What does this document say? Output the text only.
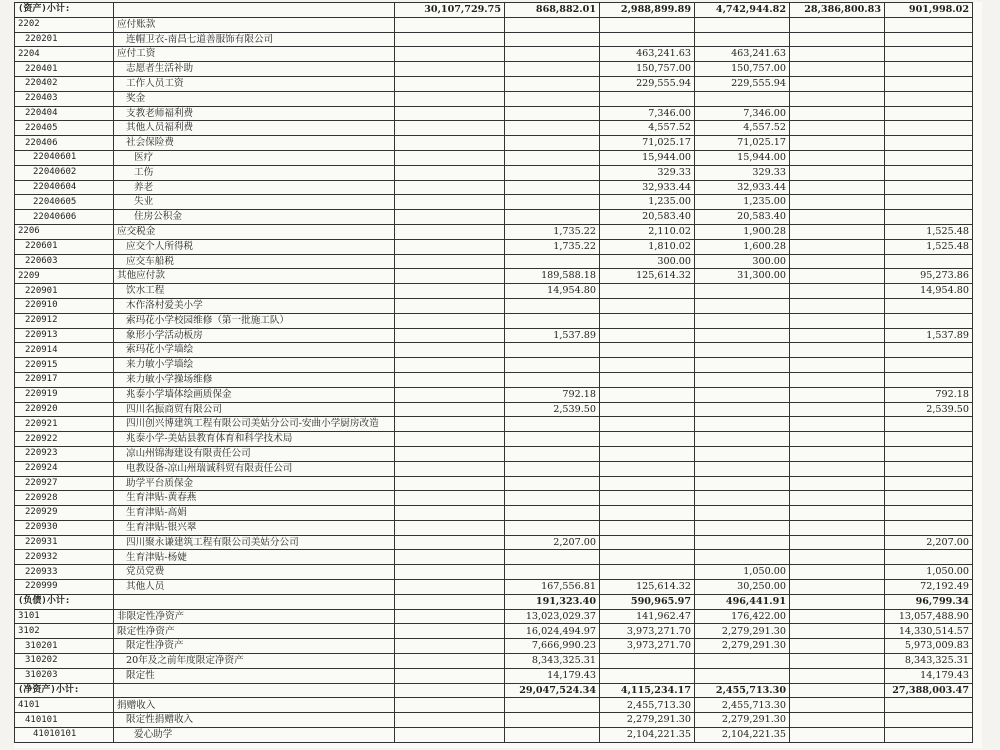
(资产)小计:		30,107,729.75	868,882.01	2,988,899.89	4,742,944.82	28,386,800.83	901,998.02
2202	应付账款						
220201	连帽卫衣-南昌七道善服饰有限公司						
2204	应付工资			463,241.63	463,241.63		
220401	志愿者生活补助			150,757.00	150,757.00		
220402	工作人员工资			229,555.94	229,555.94		
220403	奖金						
220404	支教老师福利费			7,346.00	7,346.00		
220405	其他人员福利费			4,557.52	4,557.52		
220406	社会保险费			71,025.17	71,025.17		
22040601	医疗			15,944.00	15,944.00		
22040602	工伤			329.33	329.33		
22040604	养老			32,933.44	32,933.44		
22040605	失业			1,235.00	1,235.00		
22040606	住房公积金			20,583.40	20,583.40		
2206	应交税金		1,735.22	2,110.02	1,900.28		1,525.48
220601	应交个人所得税		1,735.22	1,810.02	1,600.28		1,525.48
220603	应交车船税			300.00	300.00		
2209	其他应付款		189,588.18	125,614.32	31,300.00		95,273.86
220901	饮水工程		14,954.80				14,954.80
220910	木作洛村爱美小学						
220912	索玛花小学校园维修（第一批施工队）						
220913	象形小学活动板房		1,537.89				1,537.89
220914	索玛花小学墙绘						
220915	来力敏小学墙绘						
220917	来力敏小学操场维修						
220919	兆泰小学墙体绘画质保金		792.18				792.18
220920	四川名振商贸有限公司		2,539.50				2,539.50
220921	四川创兴博建筑工程有限公司美姑分公司-安曲小学厨房改造						
220922	兆泰小学-美姑县教育体育和科学技术局						
220923	凉山州锦海建设有限责任公司						
220924	电教设备-凉山州瑞诚科贸有限责任公司						
220927	助学平台质保金						
220928	生育津贴-黄春燕						
220929	生育津贴-高娟						
220930	生育津贴-银兴翠						
220931	四川聚永谦建筑工程有限公司美姑分公司		2,207.00				2,207.00
220932	生育津贴-杨婕						
220933	党员党费				1,050.00		1,050.00
220999	其他人员		167,556.81	125,614.32	30,250.00		72,192.49
(负债)小计:			191,323.40	590,965.97	496,441.91		96,799.34
3101	非限定性净资产		13,023,029.37	141,962.47	176,422.00		13,057,488.90
3102	限定性净资产		16,024,494.97	3,973,271.70	2,279,291.30		14,330,514.57
310201	限定性净资产		7,666,990.23	3,973,271.70	2,279,291.30		5,973,009.83
310202	20年及之前年度限定净资产		8,343,325.31				8,343,325.31
310203	限定性		14,179.43				14,179.43
(净资产)小计:			29,047,524.34	4,115,234.17	2,455,713.30		27,388,003.47
4101	捐赠收入			2,455,713.30	2,455,713.30		
410101	限定性捐赠收入			2,279,291.30	2,279,291.30		
41010101	爱心助学			2,104,221.35	2,104,221.35		
